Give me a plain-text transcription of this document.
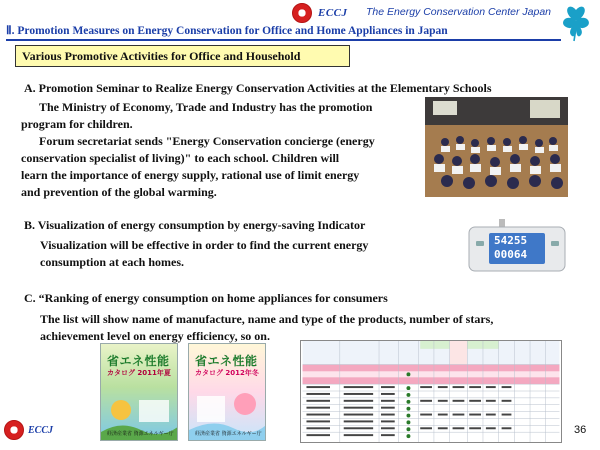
ECCJ The Energy Conservation Center Japan
Ⅱ. Promotion Measures on Energy Conservation for Office and Home Appliances in Japan
Various Promotive Activities for Office and Household
A. Promotion Seminar to Realize Energy Conservation Activities at the Elementary Schools
The Ministry of Economy, Trade and Industry has the promotion
program for children.
Forum secretariat sends "Energy Conservation concierge (energy
conservation specialist of living)" to each school. Children will
learn the importance of energy supply, rational use of limit energy
and prevention of the global warming.
B. Visualization of energy consumption by energy-saving Indicator
Visualization will be effective in order to find the current energy
consumption at each homes.
54255
00064
C. “Ranking of energy consumption on home appliances for consumers
The list will show name of manufacture, name and type of the products, number of stars,
achievement level on energy efficiency, so on.
省エネ性能
カタログ 2011年夏
経済産業省 資源エネルギー庁
省エネ性能
カタログ 2012年冬
経済産業省 資源エネルギー庁
ECCJ	36
